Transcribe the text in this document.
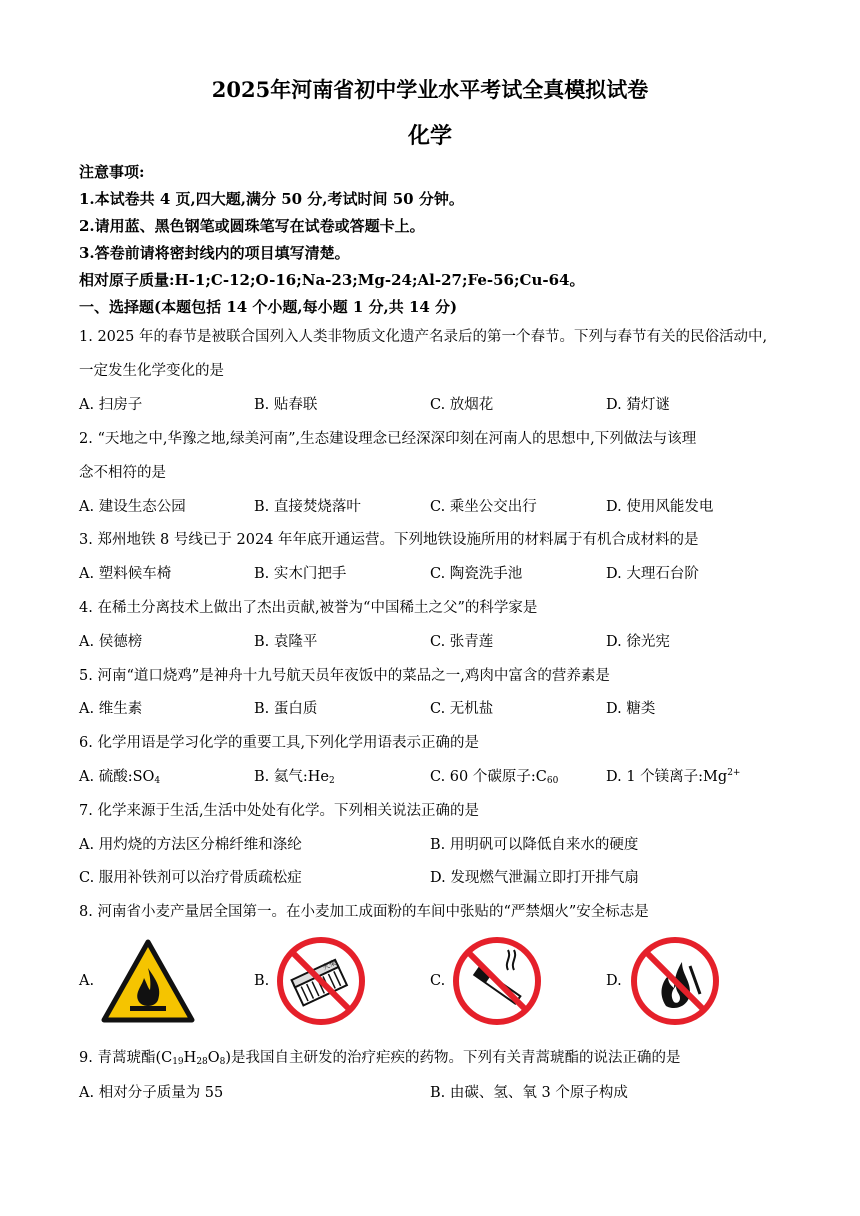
2025年河南省初中学业水平考试全真模拟试卷
化学
注意事项:
1.本试卷共 4 页,四大题,满分 50 分,考试时间 50 分钟。
2.请用蓝、黑色钢笔或圆珠笔写在试卷或答题卡上。
3.答卷前请将密封线内的项目填写清楚。
相对原子质量:H-1;C-12;O-16;Na-23;Mg-24;Al-27;Fe-56;Cu-64。
一、选择题(本题包括 14 个小题,每小题 1 分,共 14 分)
1. 2025 年的春节是被联合国列入人类非物质文化遗产名录后的第一个春节。下列与春节有关的民俗活动中,
一定发生化学变化的是
A. 扫房子	B. 贴春联	C. 放烟花	D. 猜灯谜
2. “天地之中,华豫之地,绿美河南”,生态建设理念已经深深印刻在河南人的思想中,下列做法与该理
念不相符的是
A. 建设生态公园	B. 直接焚烧落叶	C. 乘坐公交出行	D. 使用风能发电
3. 郑州地铁 8 号线已于 2024 年年底开通运营。下列地铁设施所用的材料属于有机合成材料的是
A. 塑料候车椅	B. 实木门把手	C. 陶瓷洗手池	D. 大理石台阶
4. 在稀土分离技术上做出了杰出贡献,被誉为“中国稀土之父”的科学家是
A. 侯德榜	B. 袁隆平	C. 张青莲	D. 徐光宪
5. 河南“道口烧鸡”是神舟十九号航天员年夜饭中的菜品之一,鸡肉中富含的营养素是
A. 维生素	B. 蛋白质	C. 无机盐	D. 糖类
6. 化学用语是学习化学的重要工具,下列化学用语表示正确的是
A. 硫酸$:SO_4$	B. 氦气$:He_2$	C. 60 个碳原子$:C_{60}$	D. 1 个镁离子$:Mg^{2+}$
7. 化学来源于生活,生活中处处有化学。下列相关说法正确的是
A. 用灼烧的方法区分棉纤维和涤纶	B. 用明矾可以降低自来水的硬度
C. 服用补铁剂可以治疗骨质疏松症	D. 发现燃气泄漏立即打开排气扇
8. 河南省小麦产量居全国第一。在小麦加工成面粉的车间中张贴的“严禁烟火”安全标志是
A.	B.
火柴
C.	D.
9. 青蒿琥酯$(C_{19}H_{28}O_8)$是我国自主研发的治疗疟疾的药物。下列有关青蒿琥酯的说法正确的是
A. 相对分子质量为 55	B. 由碳、氢、氧 3 个原子构成
